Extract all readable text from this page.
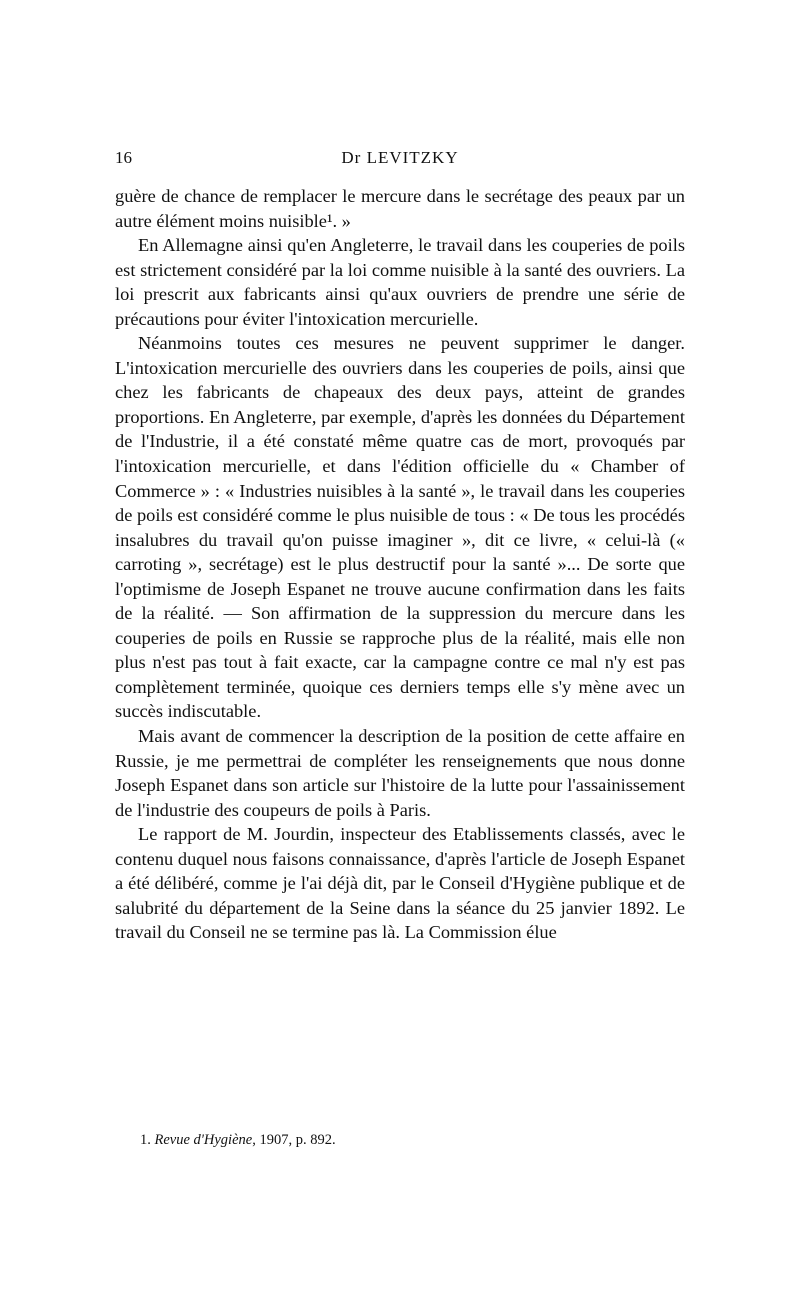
16	Dr LEVITZKY

guère de chance de remplacer le mercure dans le secrétage des peaux par un autre élément moins nuisible¹. »

En Allemagne ainsi qu'en Angleterre, le travail dans les couperies de poils est strictement considéré par la loi comme nuisible à la santé des ouvriers. La loi prescrit aux fabricants ainsi qu'aux ouvriers de prendre une série de précautions pour éviter l'intoxication mercurielle.

Néanmoins toutes ces mesures ne peuvent supprimer le danger. L'intoxication mercurielle des ouvriers dans les couperies de poils, ainsi que chez les fabricants de chapeaux des deux pays, atteint de grandes proportions. En Angleterre, par exemple, d'après les données du Département de l'Industrie, il a été constaté même quatre cas de mort, provoqués par l'intoxication mercurielle, et dans l'édition officielle du « Chamber of Commerce » : « Industries nuisibles à la santé », le travail dans les couperies de poils est considéré comme le plus nuisible de tous : « De tous les procédés insalubres du travail qu'on puisse imaginer », dit ce livre, « celui-là (« carroting », secrétage) est le plus destructif pour la santé »... De sorte que l'optimisme de Joseph Espanet ne trouve aucune confirmation dans les faits de la réalité. — Son affirmation de la suppression du mercure dans les couperies de poils en Russie se rapproche plus de la réalité, mais elle non plus n'est pas tout à fait exacte, car la campagne contre ce mal n'y est pas complètement terminée, quoique ces derniers temps elle s'y mène avec un succès indiscutable.

Mais avant de commencer la description de la position de cette affaire en Russie, je me permettrai de compléter les renseignements que nous donne Joseph Espanet dans son article sur l'histoire de la lutte pour l'assainissement de l'industrie des coupeurs de poils à Paris.

Le rapport de M. Jourdin, inspecteur des Etablissements classés, avec le contenu duquel nous faisons connaissance, d'après l'article de Joseph Espanet a été délibéré, comme je l'ai déjà dit, par le Conseil d'Hygiène publique et de salubrité du département de la Seine dans la séance du 25 janvier 1892. Le travail du Conseil ne se termine pas là. La Commission élue

1. Revue d'Hygiène, 1907, p. 892.
